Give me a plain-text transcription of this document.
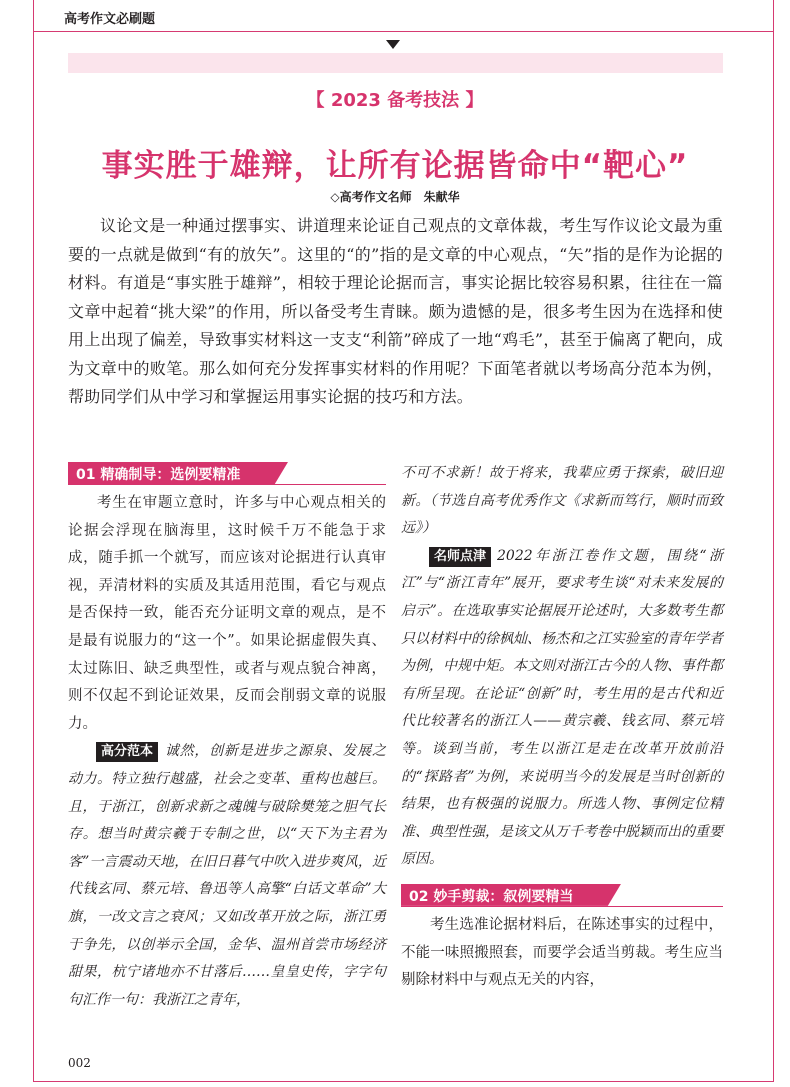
高考作文必刷题
【 2023 备考技法 】
事实胜于雄辩，让所有论据皆命中“靶心”
◇高考作文名师　朱献华

议论文是一种通过摆事实、讲道理来论证自己观点的文章体裁，考生写作议论文最为重要的一点就是做到“有的放矢”。这里的“的”指的是文章的中心观点，“矢”指的是作为论据的材料。有道是“事实胜于雄辩”，相较于理论论据而言，事实论据比较容易积累，往往在一篇文章中起着“挑大梁”的作用，所以备受考生青睐。颇为遗憾的是，很多考生因为在选择和使用上出现了偏差，导致事实材料这一支支“利箭”碎成了一地“鸡毛”，甚至于偏离了靶向，成为文章中的败笔。那么如何充分发挥事实材料的作用呢？下面笔者就以考场高分范本为例，帮助同学们从中学习和掌握运用事实论据的技巧和方法。

01 精确制导：选例要精准

考生在审题立意时，许多与中心观点相关的论据会浮现在脑海里，这时候千万不能急于求成，随手抓一个就写，而应该对论据进行认真审视，弄清材料的实质及其适用范围，看它与观点是否保持一致，能否充分证明文章的观点，是不是最有说服力的“这一个”。如果论据虚假失真、太过陈旧、缺乏典型性，或者与观点貌合神离，则不仅起不到论证效果，反而会削弱文章的说服力。

高分范本 诚然，创新是进步之源泉、发展之动力。特立独行越盛，社会之变革、重构也越巨。且，于浙江，创新求新之魂魄与破除樊笼之胆气长存。想当时黄宗羲于专制之世，以“天下为主君为客”一言震动天地，在旧日暮气中吹入进步爽风，近代钱玄同、蔡元培、鲁迅等人高擎“白话文革命”大旗，一改文言之衰风；又如改革开放之际，浙江勇于争先，以创举示全国，金华、温州首尝市场经济甜果，杭宁诸地亦不甘落后……皇皇史传，字字句句汇作一句：我浙江之青年，

不可不求新！故于将来，我辈应勇于探索，破旧迎新。（节选自高考优秀作文《求新而笃行，顺时而致远》）

名师点津 2022年浙江卷作文题，围绕“浙江”与“浙江青年”展开，要求考生谈“对未来发展的启示”。在选取事实论据展开论述时，大多数考生都只以材料中的徐枫灿、杨杰和之江实验室的青年学者为例，中规中矩。本文则对浙江古今的人物、事件都有所呈现。在论证“创新”时，考生用的是古代和近代比较著名的浙江人——黄宗羲、钱玄同、蔡元培等。谈到当前，考生以浙江是走在改革开放前沿的“探路者”为例，来说明当今的发展是当时创新的结果，也有极强的说服力。所选人物、事例定位精准、典型性强，是该文从万千考卷中脱颖而出的重要原因。

02 妙手剪裁：叙例要精当

考生选准论据材料后，在陈述事实的过程中，不能一味照搬照套，而要学会适当剪裁。考生应当剔除材料中与观点无关的内容，

002
